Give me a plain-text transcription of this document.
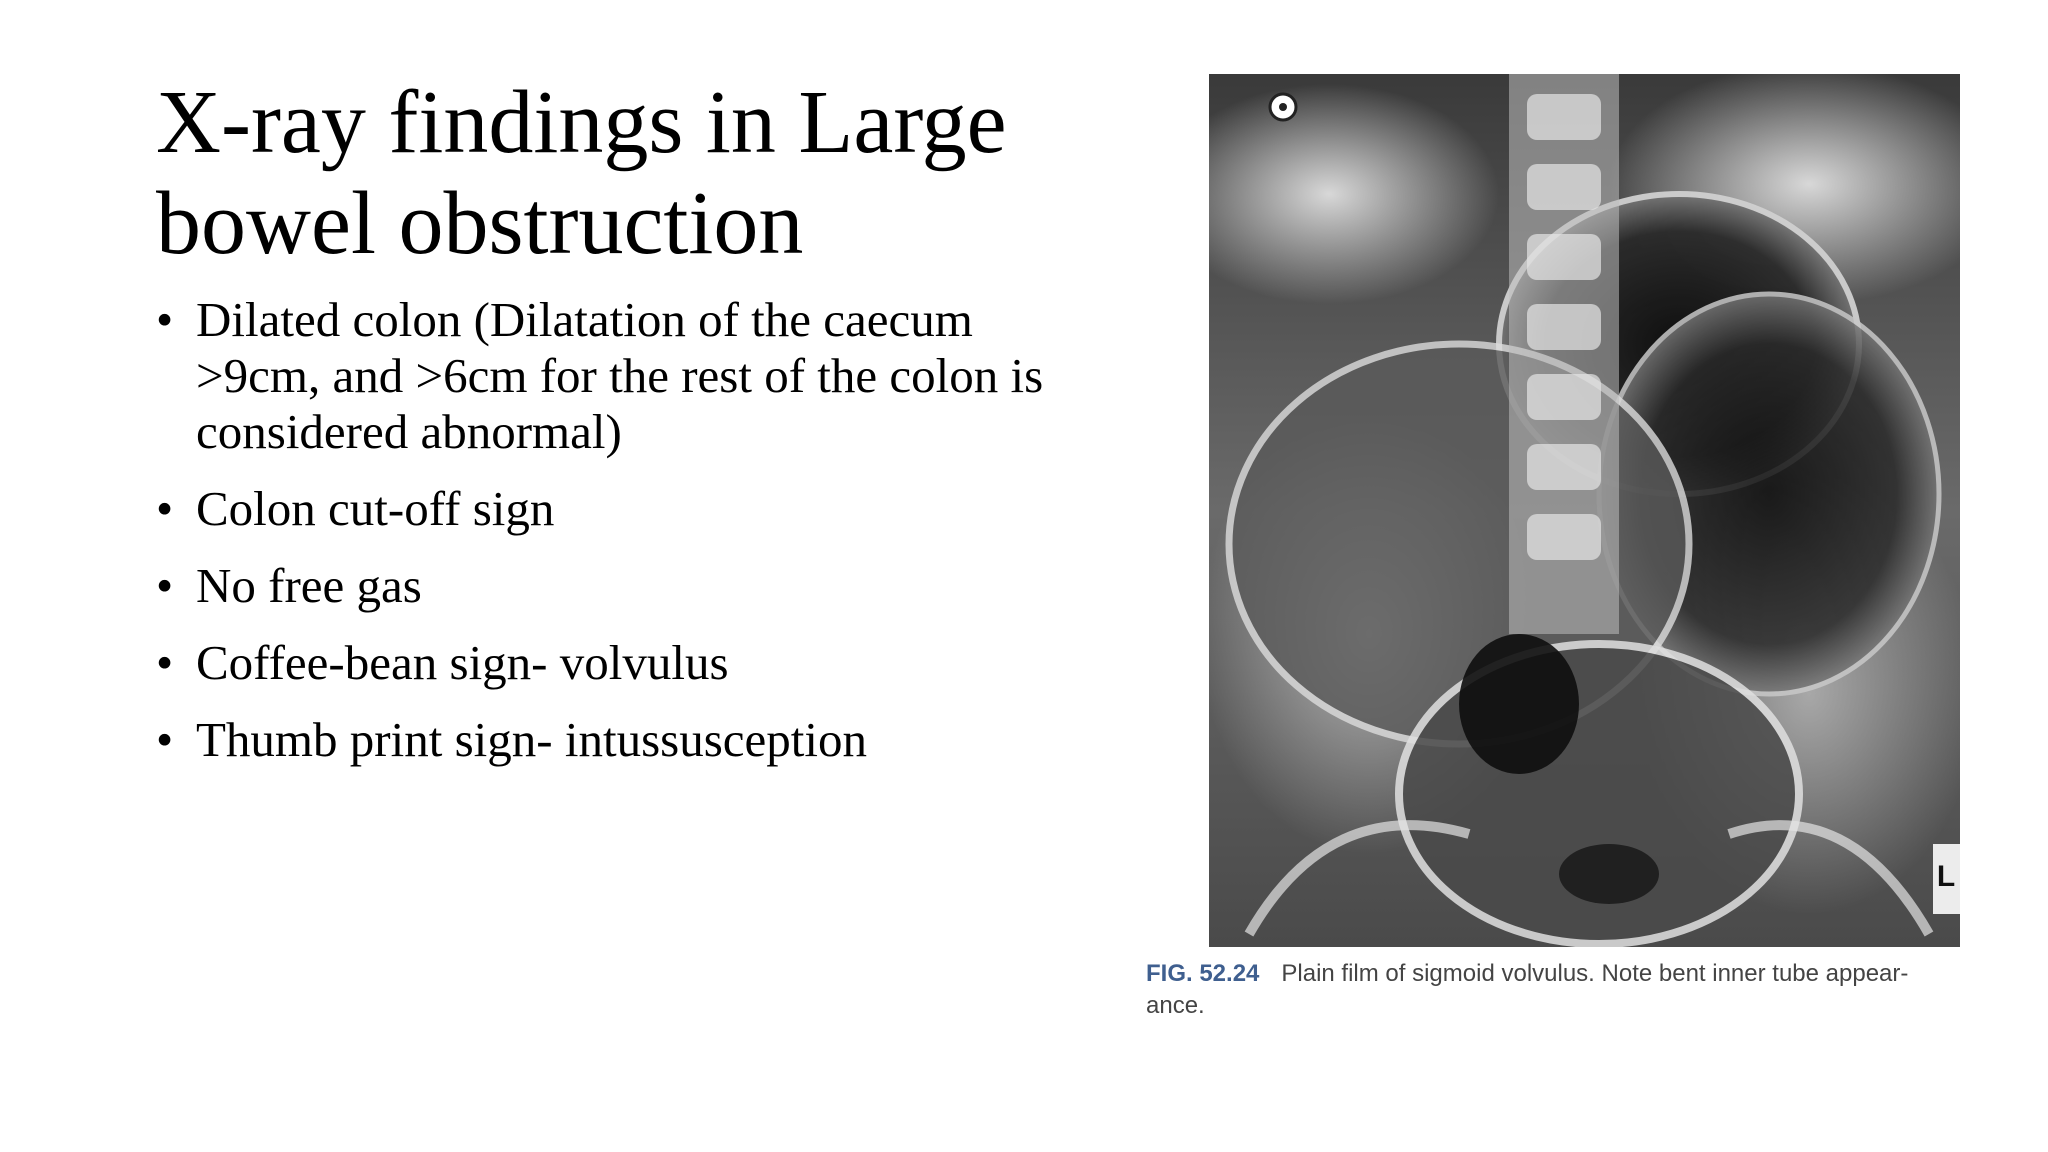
X-ray findings in Large
bowel obstruction
• Dilated colon (Dilatation of the caecum
>9cm, and >6cm for the rest of the colon is
considered abnormal)
• Colon cut-off sign
• No free gas
• Coffee-bean sign- volvulus
• Thumb print sign- intussusception
L
FIG. 52.24 Plain film of sigmoid volvulus. Note bent inner tube appear-
ance.
